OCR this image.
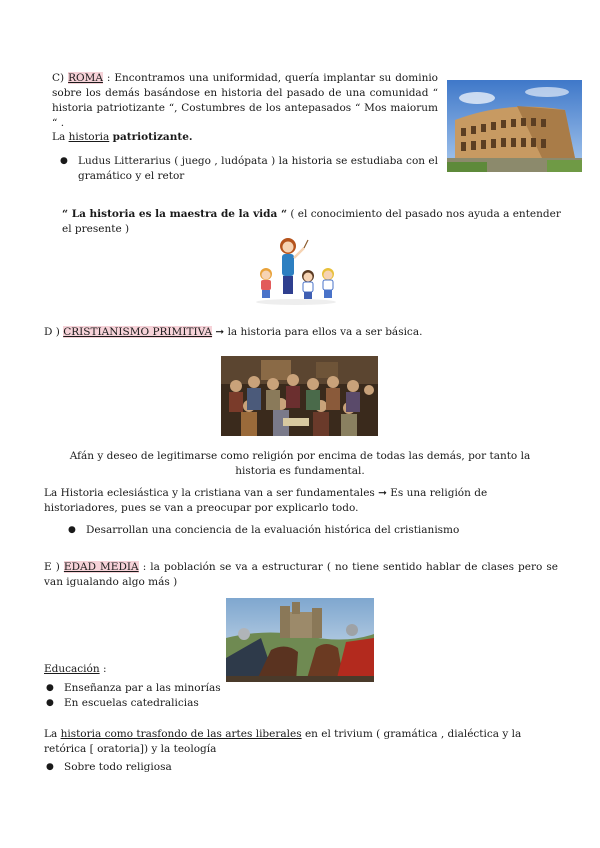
C) ROMA : Encontramos una uniformidad, quería implantar su dominio sobre los demás basándose en historia del pasado de una comunidad “ historia patriotizante “, Costumbres de los antepasados “ Mos maiorum “ .
La historia patriotizante.
● Ludus Litterarius ( juego , ludópata ) la historia se estudiaba con el gramático y el retor
“ La historia es la maestra de la vida “ ( el conocimiento del pasado nos ayuda a entender el presente )
D ) CRISTIANISMO PRIMITIVA ➞ la historia para ellos va a ser básica.
Afán y deseo de legitimarse como religión por encima de todas las demás, por tanto la historia es fundamental.
La Historia eclesiástica y la cristiana van a ser fundamentales ➞ Es una religión de historiadores, pues se van a preocupar por explicarlo todo.
● Desarrollan una conciencia de la evaluación histórica del cristianismo
E ) EDAD MEDIA : la población se va a estructurar ( no tiene sentido hablar de clases pero se van igualando algo más )
Educación :
● Enseñanza par a las minorías
● En escuelas catedralicias
La historia como trasfondo de las artes liberales en el trivium ( gramática , dialéctica y la retórica [ oratoria]) y la teología
● Sobre todo religiosa
